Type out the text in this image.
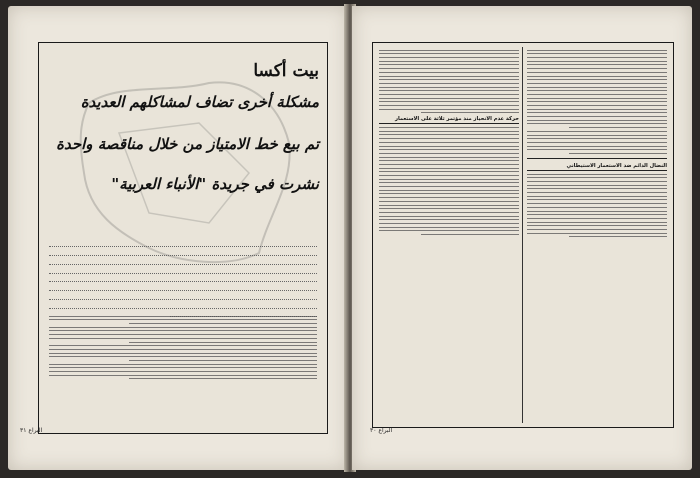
بيت أكسا
مشكلة أخرى تضاف لمشاكلهم العديدة
تم بيع خط الامتياز من خلال مناقصة واحدة
نشرت في جريدة "الأنباء العربية"
البراع ٣١
النضال الدائم ضد الاستعمار الاستيطاني
حركة عدم الانحياز منذ مؤتمر ثلاثة على الاستعمار
البراع ٣٠
